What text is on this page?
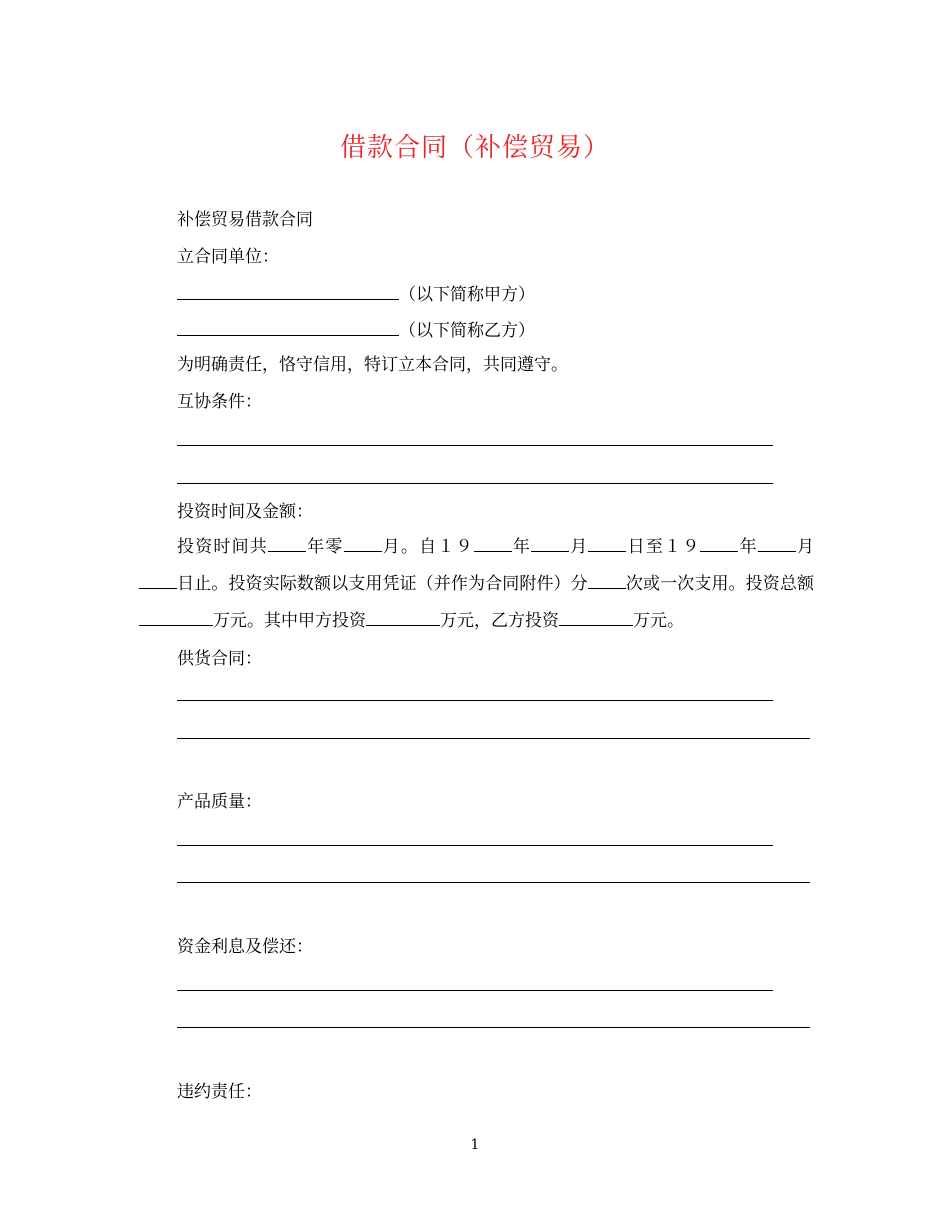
借款合同（补偿贸易）
补偿贸易借款合同
立合同单位：
（以下简称甲方）
（以下简称乙方）
为明确责任，恪守信用，特订立本合同，共同遵守。
互协条件：
投资时间及金额：
投资时间共 年零 月。自１９ 年 月 日至１９ 年 月日止。投资实际数额以支用凭证（并作为合同附件）分 次或一次支用。投资总额万元。其中甲方投资	万元，乙方投资	万元。
供货合同：
产品质量：
资金利息及偿还：
违约责任：
1
